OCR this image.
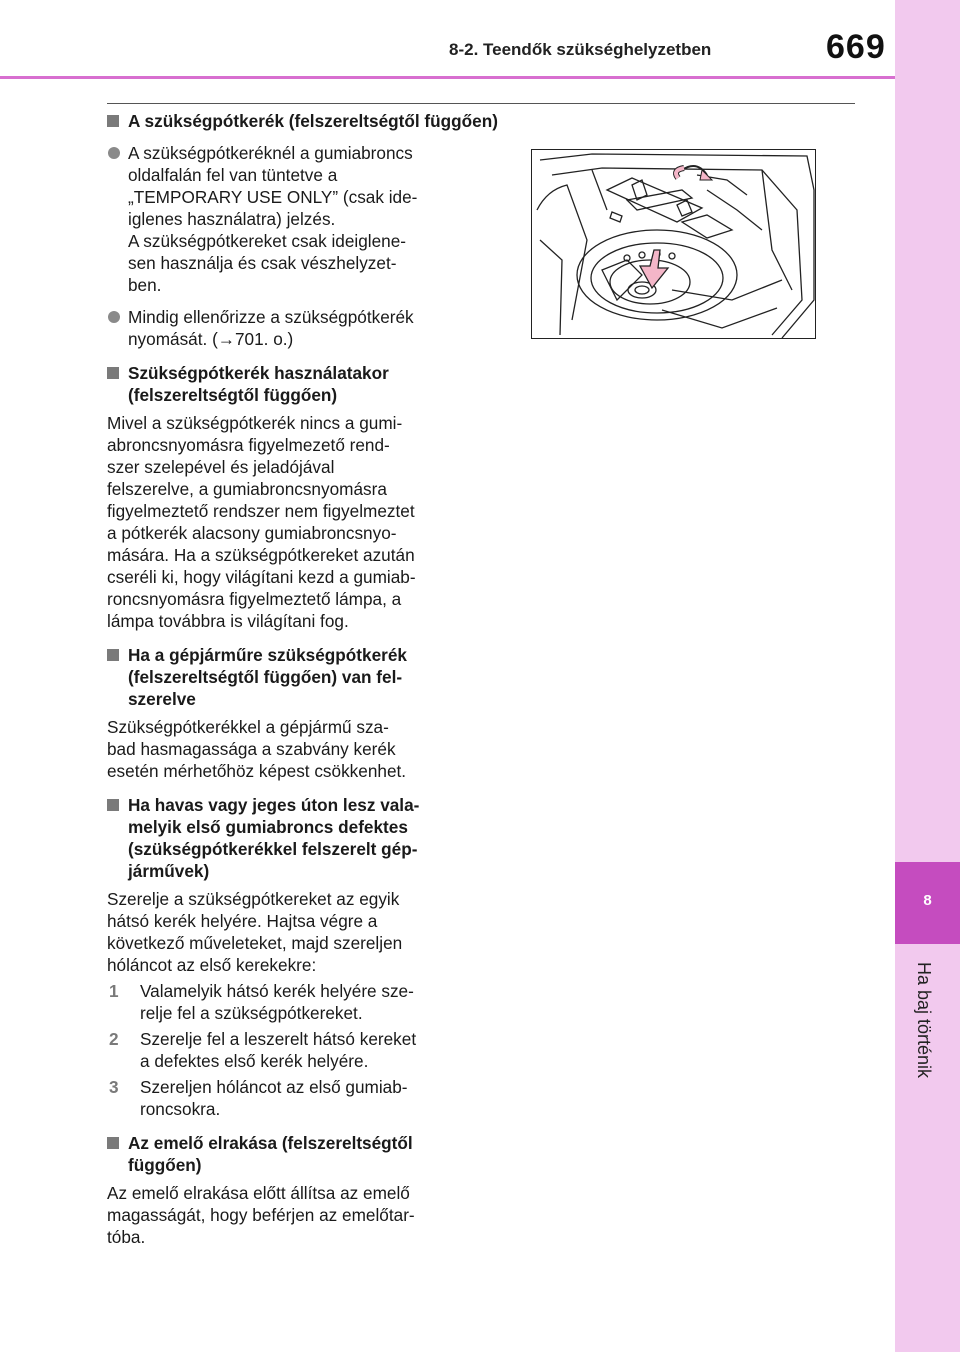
8-2. Teendők szükséghelyzetben	669
8
Ha baj történik
A szükségpótkerék (felszereltségtől függően)
A szükségpótkeréknél a gumiabroncs
oldalfalán fel van tüntetve a
„TEMPORARY USE ONLY” (csak ide-
iglenes használatra) jelzés.
A szükségpótkereket csak ideiglene-
sen használja és csak vészhelyzet-
ben.
Mindig ellenőrizze a szükségpótkerék
nyomását. (→701. o.)
Szükségpótkerék használatakor
(felszereltségtől függően)
Mivel a szükségpótkerék nincs a gumi-
abroncsnyomásra figyelmezető rend-
szer szelepével és jeladójával
felszerelve, a gumiabroncsnyomásra
figyelmeztető rendszer nem figyelmeztet
a pótkerék alacsony gumiabroncsnyo-
mására. Ha a szükségpótkereket azután
cseréli ki, hogy világítani kezd a gumiab-
roncsnyomásra figyelmeztető lámpa, a
lámpa továbbra is világítani fog.
Ha a gépjárműre szükségpótkerék
(felszereltségtől függően) van fel-
szerelve
Szükségpótkerékkel a gépjármű sza-
bad hasmagassága a szabvány kerék
esetén mérhetőhöz képest csökkenhet.
Ha havas vagy jeges úton lesz vala-
melyik első gumiabroncs defektes
(szükségpótkerékkel felszerelt gép-
járművek)
Szerelje a szükségpótkereket az egyik
hátsó kerék helyére. Hajtsa végre a
következő műveleteket, majd szereljen
hóláncot az első kerekekre:
1 Valamelyik hátsó kerék helyére sze-
relje fel a szükségpótkereket.
2 Szerelje fel a leszerelt hátsó kereket
a defektes első kerék helyére.
3 Szereljen hóláncot az első gumiab-
roncsokra.
Az emelő elrakása (felszereltségtől
függően)
Az emelő elrakása előtt állítsa az emelő
magasságát, hogy beférjen az emelőtar-
tóba.
